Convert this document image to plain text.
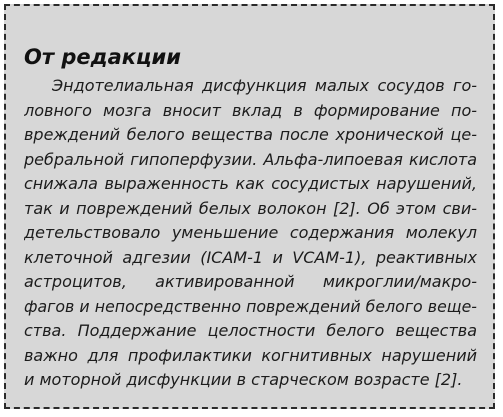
От редакции

Эндотелиальная дисфункция малых сосудов го-
ловного мозга вносит вклад в формирование по-
вреждений белого вещества после хронической це-
ребральной гипоперфузии. Альфа-липоевая кислота
снижала выраженность как сосудистых нарушений,
так и повреждений белых волокон [2]. Об этом сви-
детельствовало уменьшение содержания молекул
клеточной адгезии (ICAM-1 и VCAM-1), реактивных
астроцитов, активированной микроглии/макро-
фагов и непосредственно повреждений белого веще-
ства. Поддержание целостности белого вещества
важно для профилактики когнитивных нарушений
и моторной дисфункции в старческом возрасте [2].
